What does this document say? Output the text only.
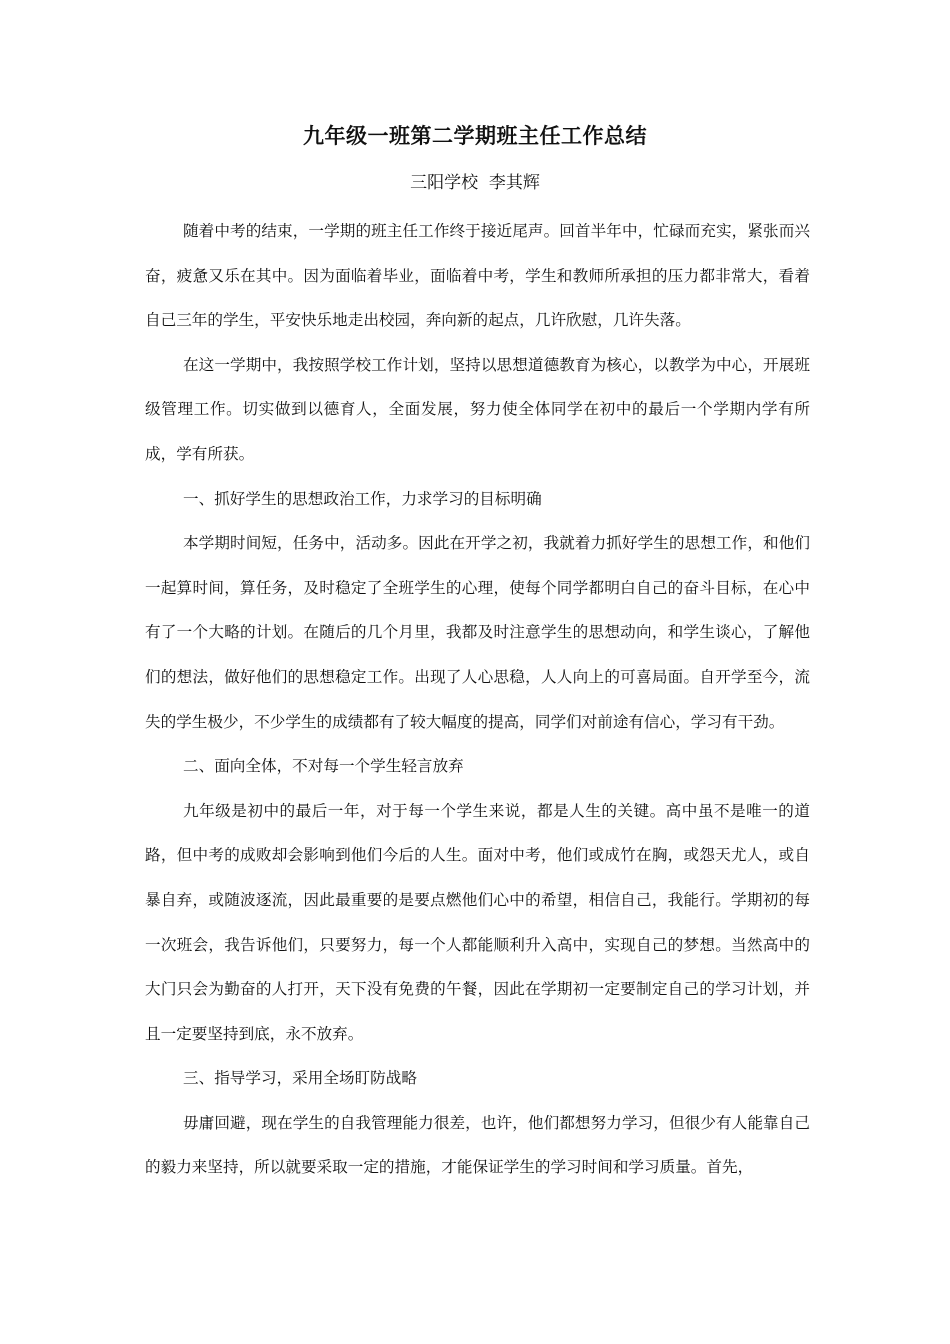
九年级一班第二学期班主任工作总结
三阳学校  李其辉

随着中考的结束，一学期的班主任工作终于接近尾声。回首半年中，忙碌而充实，紧张而兴奋，疲惫又乐在其中。因为面临着毕业，面临着中考，学生和教师所承担的压力都非常大，看着自己三年的学生，平安快乐地走出校园，奔向新的起点，几许欣慰，几许失落。

在这一学期中，我按照学校工作计划，坚持以思想道德教育为核心，以教学为中心，开展班级管理工作。切实做到以德育人，全面发展，努力使全体同学在初中的最后一个学期内学有所成，学有所获。

一、抓好学生的思想政治工作，力求学习的目标明确

本学期时间短，任务中，活动多。因此在开学之初，我就着力抓好学生的思想工作，和他们一起算时间，算任务，及时稳定了全班学生的心理，使每个同学都明白自己的奋斗目标，在心中有了一个大略的计划。在随后的几个月里，我都及时注意学生的思想动向，和学生谈心，了解他们的想法，做好他们的思想稳定工作。出现了人心思稳，人人向上的可喜局面。自开学至今，流失的学生极少，不少学生的成绩都有了较大幅度的提高，同学们对前途有信心，学习有干劲。

二、面向全体，不对每一个学生轻言放弃

九年级是初中的最后一年，对于每一个学生来说，都是人生的关键。高中虽不是唯一的道路，但中考的成败却会影响到他们今后的人生。面对中考，他们或成竹在胸，或怨天尤人，或自暴自弃，或随波逐流，因此最重要的是要点燃他们心中的希望，相信自己，我能行。学期初的每一次班会，我告诉他们，只要努力，每一个人都能顺利升入高中，实现自己的梦想。当然高中的大门只会为勤奋的人打开，天下没有免费的午餐，因此在学期初一定要制定自己的学习计划，并且一定要坚持到底，永不放弃。

三、指导学习，采用全场盯防战略

毋庸回避，现在学生的自我管理能力很差，也许，他们都想努力学习，但很少有人能靠自己的毅力来坚持，所以就要采取一定的措施，才能保证学生的学习时间和学习质量。首先，
